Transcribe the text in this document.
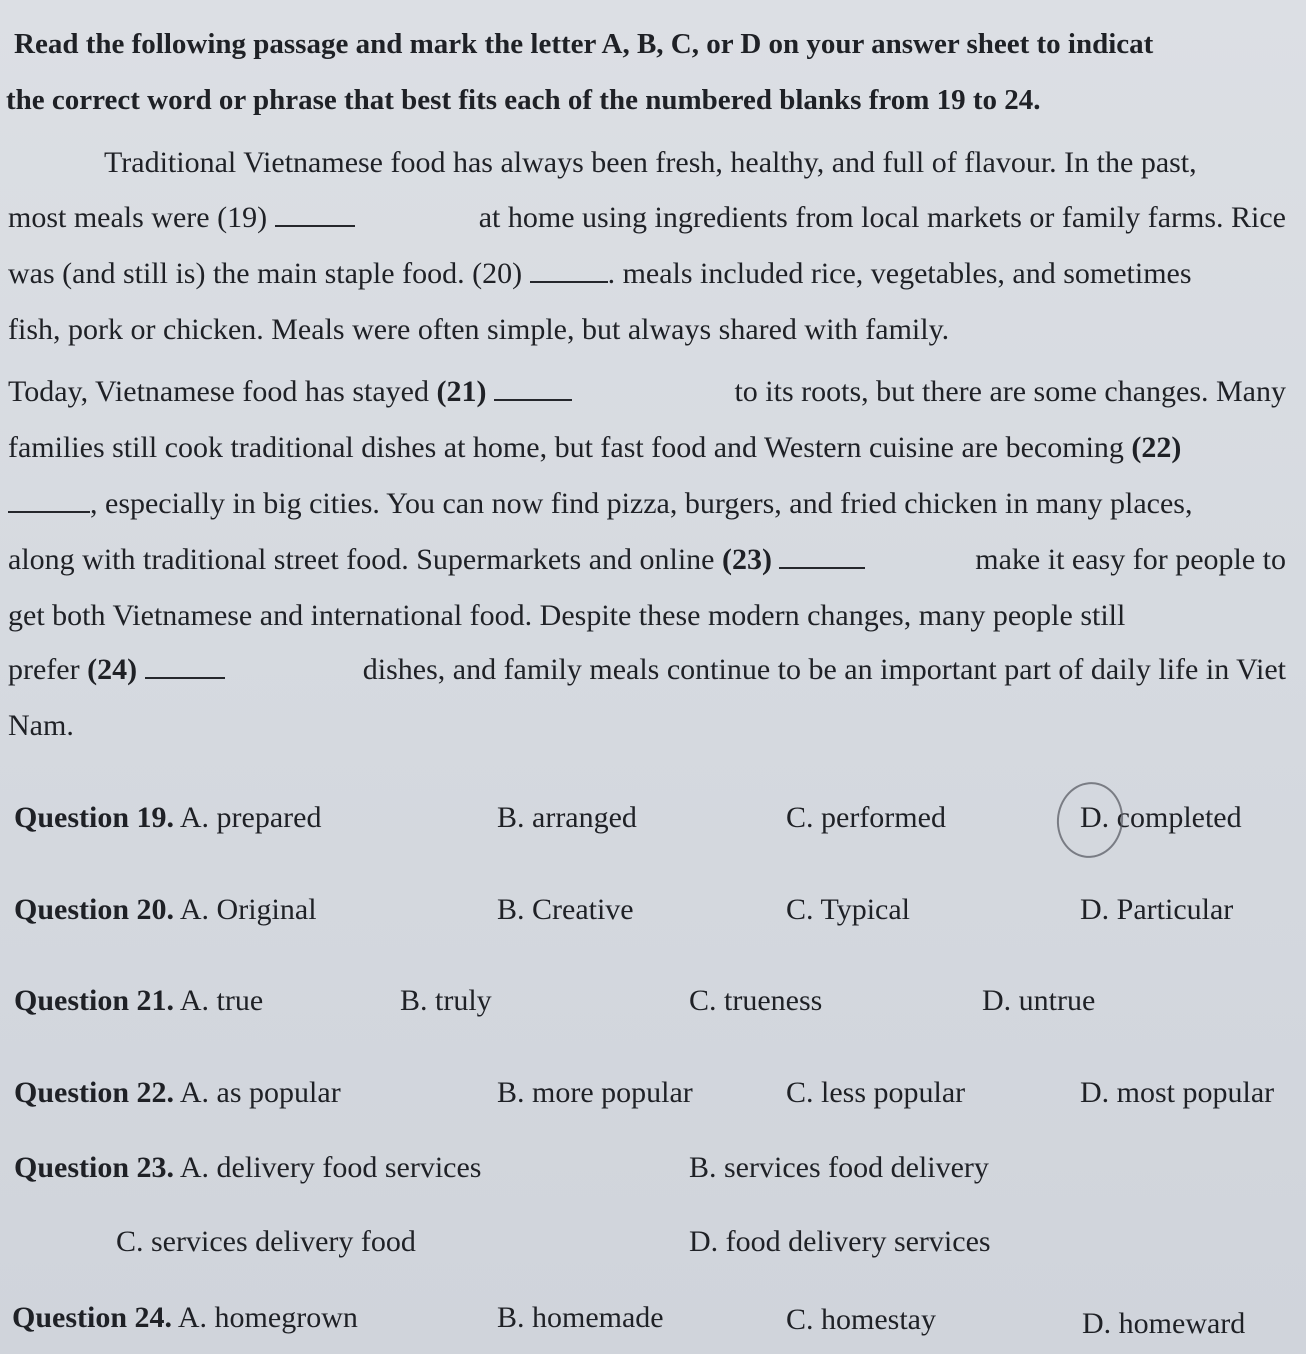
Read the following passage and mark the letter A, B, C, or D on your answer sheet to indicat
the correct word or phrase that best fits each of the numbered blanks from 19 to 24.
Traditional Vietnamese food has always been fresh, healthy, and full of flavour. In the past,
most meals were (19)	at home using ingredients from local markets or family farms. Rice
was (and still is) the main staple food. (20)	. meals included rice, vegetables, and sometimes
fish, pork or chicken. Meals were often simple, but always shared with family.
Today, Vietnamese food has stayed (21)	to its roots, but there are some changes. Many
families still cook traditional dishes at home, but fast food and Western cuisine are becoming (22)
, especially in big cities. You can now find pizza, burgers, and fried chicken in many places,
along with traditional street food. Supermarkets and online (23)	make it easy for people to
get both Vietnamese and international food. Despite these modern changes, many people still
prefer (24)	dishes, and family meals continue to be an important part of daily life in Viet
Nam.
Question 19. A. prepared	B. arranged	C. performed	D. completed
Question 20. A. Original	B. Creative	C. Typical	D. Particular
Question 21. A. true	B. truly	C. trueness	D. untrue
Question 22. A. as popular	B. more popular	C. less popular	D. most popular
Question 23. A. delivery food services	B. services food delivery
C. services delivery food	D. food delivery services
Question 24. A. homegrown	B. homemade	C. homestay	D. homeward
